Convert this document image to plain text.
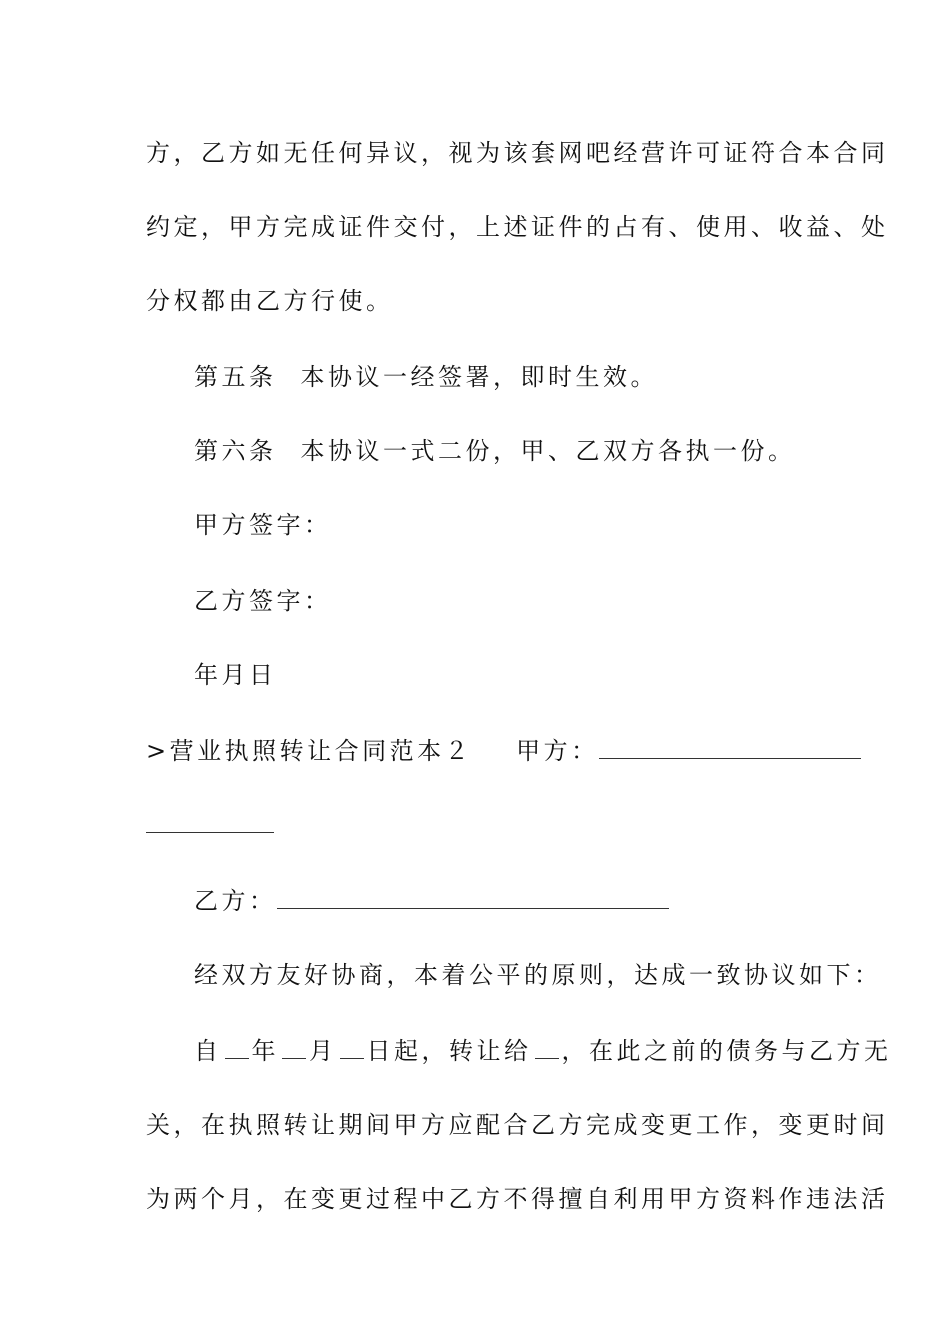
方，乙方如无任何异议，视为该套网吧经营许可证符合本合同
约定，甲方完成证件交付，上述证件的占有、使用、收益、处
分权都由乙方行使。
第五条 本协议一经签署，即时生效。
第六条 本协议一式二份，甲、乙双方各执一份。
甲方签字：
乙方签字：
年月日
>营业执照转让合同范本２ 甲方：
乙方：
经双方友好协商，本着公平的原则，达成一致协议如下：
自 年 月 日起，转让给 ，在此之前的债务与乙方无
关，在执照转让期间甲方应配合乙方完成变更工作，变更时间
为两个月，在变更过程中乙方不得擅自利用甲方资料作违法活
